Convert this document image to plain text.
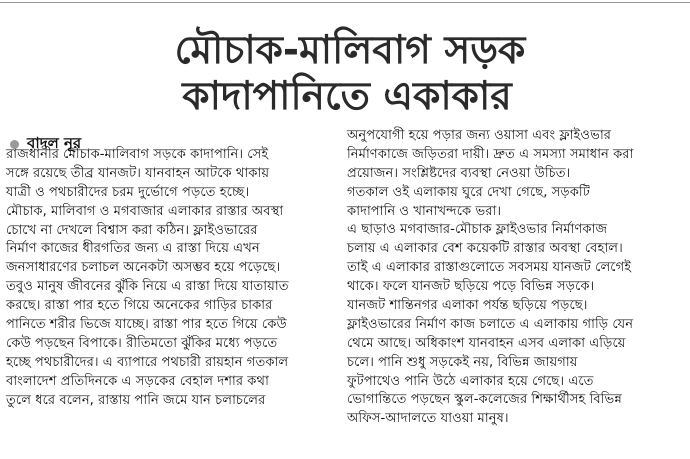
মৌচাক-মালিবাগ সড়ক
কাদাপানিতে একাকার
বাদল নূর
রাজধানীর মৌচাক-মালিবাগ সড়কে কাদাপানি। সেই
সঙ্গে রয়েছে তীব্র যানজট। যানবাহন আটকে থাকায়
যাত্রী ও পথচারীদের চরম দুর্ভোগে পড়তে হচ্ছে।
মৌচাক, মালিবাগ ও মগবাজার এলাকার রাস্তার অবস্থা
চোখে না দেখলে বিশ্বাস করা কঠিন। ফ্লাইওভারের
নির্মাণ কাজের ধীরগতির জন্য এ রাস্তা দিয়ে এখন
জনসাধারণের চলাচল অনেকটা অসম্ভব হয়ে পড়েছে।
তবুও মানুষ জীবনের ঝুঁকি নিয়ে এ রাস্তা দিয়ে যাতায়াত
করছে। রাস্তা পার হতে গিয়ে অনেকের গাড়ির চাকার
পানিতে শরীর ভিজে যাচ্ছে। রাস্তা পার হতে গিয়ে কেউ
কেউ পড়ছেন বিপাকে। রীতিমতো ঝুঁকির মধ্যে পড়তে
হচ্ছে পথচারীদের। এ ব্যাপারে পথচারী রায়হান গতকাল
বাংলাদেশ প্রতিদিনকে এ সড়কের বেহাল দশার কথা
তুলে ধরে বলেন, রাস্তায় পানি জমে যান চলাচলের
অনুপযোগী হয়ে পড়ার জন্য ওয়াসা এবং ফ্লাইওভার
নির্মাণকাজে জড়িতরা দায়ী। দ্রুত এ সমস্যা সমাধান করা
প্রয়োজন। সংশ্লিষ্টদের ব্যবস্থা নেওয়া উচিত।
গতকাল ওই এলাকায় ঘুরে দেখা গেছে, সড়কটি
কাদাপানি ও খানাখন্দকে ভরা।
এ ছাড়াও মগবাজার-মৌচাক ফ্লাইওভার নির্মাণকাজ
চলায় এ এলাকার বেশ কয়েকটি রাস্তার অবস্থা বেহাল।
তাই এ এলাকার রাস্তাগুলোতে সবসময় যানজট লেগেই
থাকে। ফলে যানজট ছড়িয়ে পড়ে বিভিন্ন সড়কে।
যানজট শান্তিনগর এলাকা পর্যন্ত ছড়িয়ে পড়ছে।
ফ্লাইওভারের নির্মাণ কাজ চলাতে এ এলাকায় গাড়ি যেন
থেমে আছে। অধিকাংশ যানবাহন এসব এলাকা এড়িয়ে
চলে। পানি শুধু সড়কেই নয়, বিভিন্ন জায়গায়
ফুটপাথেও পানি উঠে এলাকার হয়ে গেছে। এতে
ভোগান্তিতে পড়ছেন স্কুল-কলেজের শিক্ষার্থীসহ বিভিন্ন
অফিস-আদালতে যাওয়া মানুষ।
